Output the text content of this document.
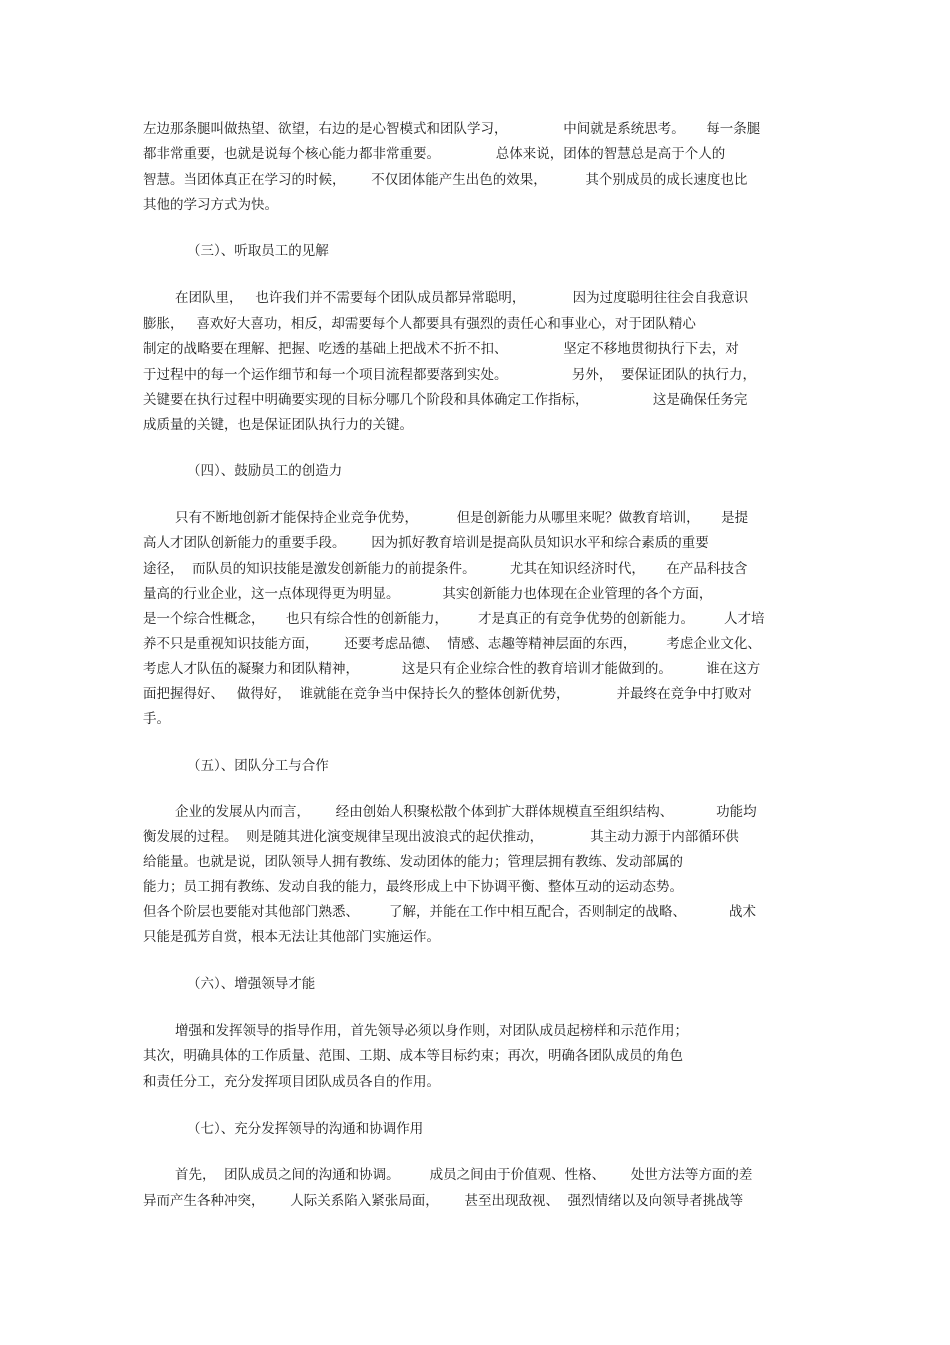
左边那条腿叫做热望、欲望，右边的是心智模式和团队学习，             中间就是系统思考。     每一条腿
都非常重要，也就是说每个核心能力都非常重要。             总体来说，团体的智慧总是高于个人的
智慧。当团体真正在学习的时候，      不仅团体能产生出色的效果，         其个别成员的成长速度也比
其他的学习方式为快。
（三）、听取员工的见解
在团队里，   也许我们并不需要每个团队成员都异常聪明，           因为过度聪明往往会自我意识
膨胀，   喜欢好大喜功，相反，却需要每个人都要具有强烈的责任心和事业心，对于团队精心
制定的战略要在理解、把握、吃透的基础上把战术不折不扣、             坚定不移地贯彻执行下去，对
于过程中的每一个运作细节和每一个项目流程都要落到实处。               另外，  要保证团队的执行力，
关键要在执行过程中明确要实现的目标分哪几个阶段和具体确定工作指标，               这是确保任务完
成质量的关键，也是保证团队执行力的关键。
（四）、鼓励员工的创造力
只有不断地创新才能保持企业竞争优势，         但是创新能力从哪里来呢？做教育培训，     是提
高人才团队创新能力的重要手段。      因为抓好教育培训是提高队员知识水平和综合素质的重要
途径，  而队员的知识技能是激发创新能力的前提条件。        尤其在知识经济时代，     在产品科技含
量高的行业企业，这一点体现得更为明显。          其实创新能力也体现在企业管理的各个方面，
是一个综合性概念，     也只有综合性的创新能力，       才是真正的有竞争优势的创新能力。       人才培
养不只是重视知识技能方面，      还要考虑品德、  情感、志趣等精神层面的东西，       考虑企业文化、
考虑人才队伍的凝聚力和团队精神，          这是只有企业综合性的教育培训才能做到的。        谁在这方
面把握得好、   做得好，  谁就能在竞争当中保持长久的整体创新优势，           并最终在竞争中打败对
手。
（五）、团队分工与合作
企业的发展从内而言，      经由创始人积聚松散个体到扩大群体规模直至组织结构、          功能均
衡发展的过程。  则是随其进化演变规律呈现出波浪式的起伏推动，           其主动力源于内部循环供
给能量。也就是说，团队领导人拥有教练、发动团体的能力；管理层拥有教练、发动部属的
能力；员工拥有教练、发动自我的能力，最终形成上中下协调平衡、整体互动的运动态势。
但各个阶层也要能对其他部门熟悉、       了解，并能在工作中相互配合，否则制定的战略、          战术
只能是孤芳自赏，根本无法让其他部门实施运作。
（六）、增强领导才能
增强和发挥领导的指导作用，首先领导必须以身作则，对团队成员起榜样和示范作用；
其次，明确具体的工作质量、范围、工期、成本等目标约束；再次，明确各团队成员的角色
和责任分工，充分发挥项目团队成员各自的作用。
（七）、充分发挥领导的沟通和协调作用
首先，  团队成员之间的沟通和协调。       成员之间由于价值观、性格、      处世方法等方面的差
异而产生各种冲突，      人际关系陷入紧张局面，      甚至出现敌视、  强烈情绪以及向领导者挑战等
